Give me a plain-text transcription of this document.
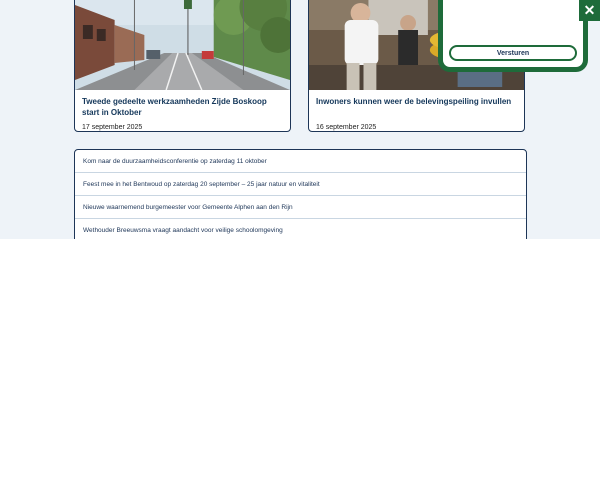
Tweede gedeelte werkzaamheden Zijde Boskoop start in Oktober
17 september 2025
Inwoners kunnen weer de belevingspeiling invullen
16 september 2025
Kom naar de duurzaamheidsconferentie op zaterdag 11 oktober
Feest mee in het Bentwoud op zaterdag 20 september – 25 jaar natuur en vitaliteit
Nieuwe waarnemend burgemeester voor Gemeente Alphen aan den Rijn
Wethouder Breeuwsma vraagt aandacht voor veilige schoolomgeving
Versturen
✕
